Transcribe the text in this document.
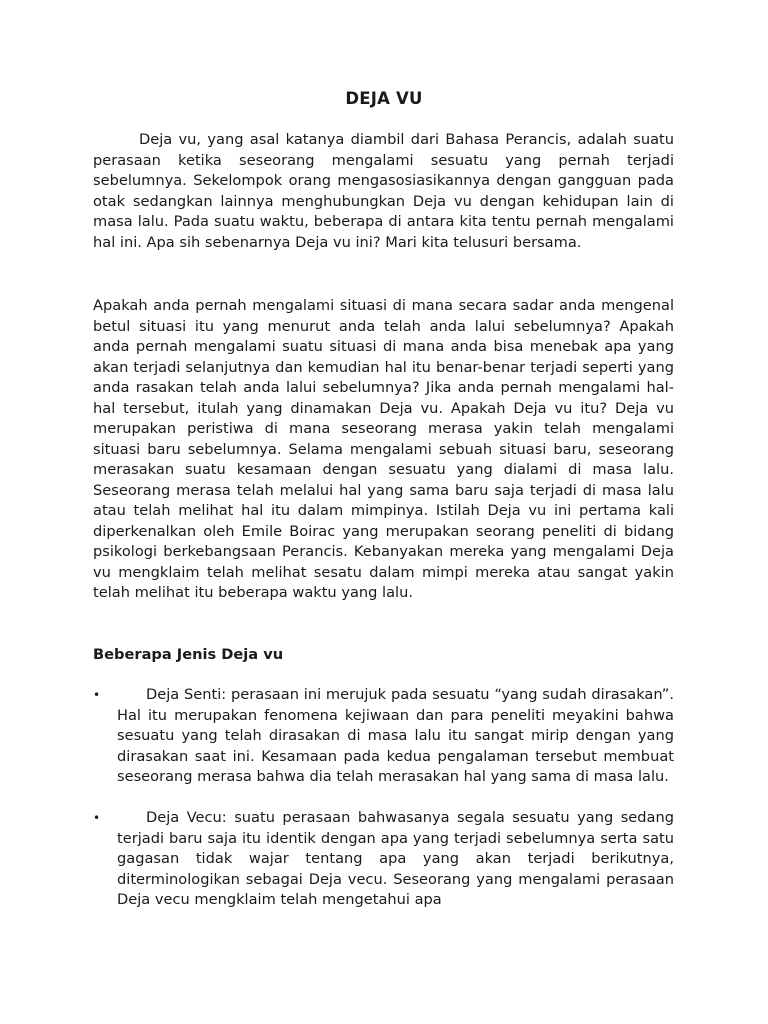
DEJA VU

Deja vu, yang asal katanya diambil dari Bahasa Perancis, adalah suatu perasaan ketika seseorang mengalami sesuatu yang pernah terjadi sebelumnya. Sekelompok orang mengasosiasikannya dengan gangguan pada otak sedangkan lainnya menghubungkan Deja vu dengan kehidupan lain di masa lalu. Pada suatu waktu, beberapa di antara kita tentu pernah mengalami hal ini. Apa sih sebenarnya Deja vu ini? Mari kita telusuri bersama.

Apakah anda pernah mengalami situasi di mana secara sadar anda mengenal betul situasi itu yang menurut anda telah anda lalui sebelumnya? Apakah anda pernah mengalami suatu situasi di mana anda bisa menebak apa yang akan terjadi selanjutnya dan kemudian hal itu benar-benar terjadi seperti yang anda rasakan telah anda lalui sebelumnya? Jika anda pernah mengalami hal-hal tersebut, itulah yang dinamakan Deja vu. Apakah Deja vu itu? Deja vu merupakan peristiwa di mana seseorang merasa yakin telah mengalami situasi baru sebelumnya. Selama mengalami sebuah situasi baru, seseorang merasakan suatu kesamaan dengan sesuatu yang dialami di masa lalu. Seseorang merasa telah melalui hal yang sama baru saja terjadi di masa lalu atau telah melihat hal itu dalam mimpinya. Istilah Deja vu ini pertama kali diperkenalkan oleh Emile Boirac yang merupakan seorang peneliti di bidang psikologi berkebangsaan Perancis. Kebanyakan mereka yang mengalami Deja vu mengklaim telah melihat sesatu dalam mimpi mereka atau sangat yakin telah melihat itu beberapa waktu yang lalu.

Beberapa Jenis Deja vu
•	Deja Senti: perasaan ini merujuk pada sesuatu “yang sudah dirasakan”. Hal itu merupakan fenomena kejiwaan dan para peneliti meyakini bahwa sesuatu yang telah dirasakan di masa lalu itu sangat mirip dengan yang dirasakan saat ini. Kesamaan pada kedua pengalaman tersebut membuat seseorang merasa bahwa dia telah merasakan hal yang sama di masa lalu.
•	Deja Vecu: suatu perasaan bahwasanya segala sesuatu yang sedang terjadi baru saja itu identik dengan apa yang terjadi sebelumnya serta satu gagasan tidak wajar tentang apa yang akan terjadi berikutnya, diterminologikan sebagai Deja vecu. Seseorang yang mengalami perasaan Deja vecu mengklaim telah mengetahui apa
